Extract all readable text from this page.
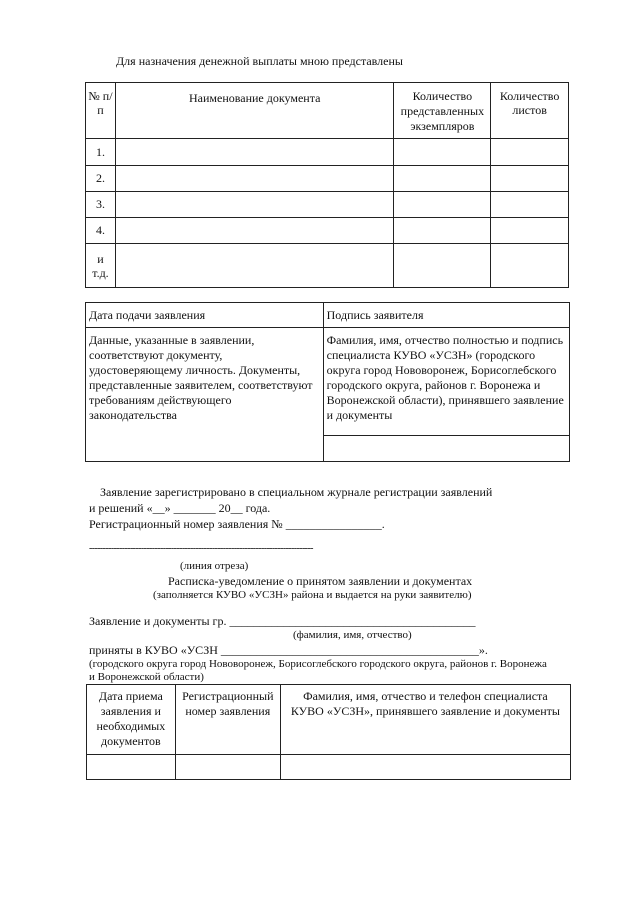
Для назначения денежной выплаты мною представлены
№ п/п	Наименование документа	Количество представленных экземпляров	Количество листов
1.			
2.			
3.			
4.			
и т.д.			
Дата подачи заявления	Подпись заявителя
Данные, указанные в заявлении, соответствуют документу, удостоверяющему личность. Документы, представленные заявителем, соответствуют требованиям действующего законодательства	Фамилия, имя, отчество полностью и подпись специалиста КУВО «УСЗН» (городского округа город Нововоронеж, Борисоглебского городского округа, районов г. Воронежа и Воронежской области), принявшего заявление и документы

Заявление зарегистрировано в специальном журнале регистрации заявлений
и решений «__» _______ 20__ года.
Регистрационный номер заявления № ________________.
----------------------------------------------------------------------------------
(линия отреза)
Расписка-уведомление о принятом заявлении и документах
(заполняется КУВО «УСЗН» района и выдается на руки заявителю)
Заявление и документы гр. _________________________________________
(фамилия, имя, отчество)
приняты в КУВО «УСЗН ___________________________________________».
(городского округа город Нововоронеж, Борисоглебского городского округа, районов г. Воронежа
и Воронежской области)
Дата приема заявления и необходимых документов	Регистрационный номер заявления	Фамилия, имя, отчество и телефон специалиста КУВО «УСЗН», принявшего заявление и документы
